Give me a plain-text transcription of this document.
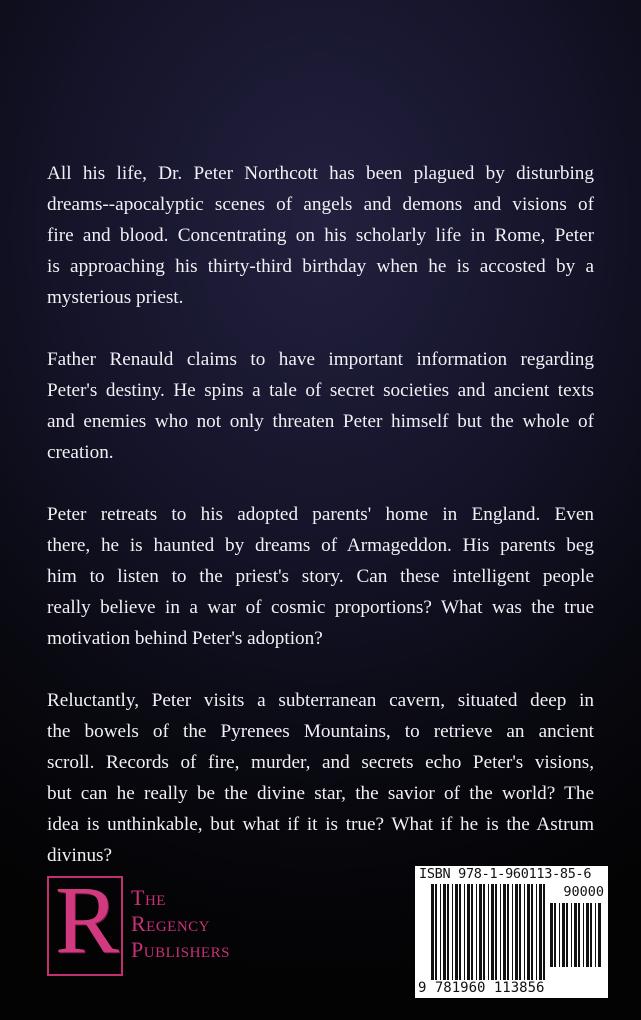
All his life, Dr. Peter Northcott has been plagued by disturbing
dreams--apocalyptic scenes of angels and demons and visions of
fire and blood. Concentrating on his scholarly life in Rome, Peter
is approaching his thirty-third birthday when he is accosted by a
mysterious priest.
Father Renauld claims to have important information regarding
Peter's destiny. He spins a tale of secret societies and ancient texts
and enemies who not only threaten Peter himself but the whole of
creation.
Peter retreats to his adopted parents' home in England. Even
there, he is haunted by dreams of Armageddon. His parents beg
him to listen to the priest's story. Can these intelligent people
really believe in a war of cosmic proportions? What was the true
motivation behind Peter's adoption?
Reluctantly, Peter visits a subterranean cavern, situated deep in
the bowels of the Pyrenees Mountains, to retrieve an ancient
scroll. Records of fire, murder, and secrets echo Peter's visions,
but can he really be the divine star, the savior of the world? The
idea is unthinkable, but what if it is true? What if he is the Astrum
divinus?
R The
Regency
Publishers
ISBN 978-1-960113-85-6
90000
9 781960 113856
